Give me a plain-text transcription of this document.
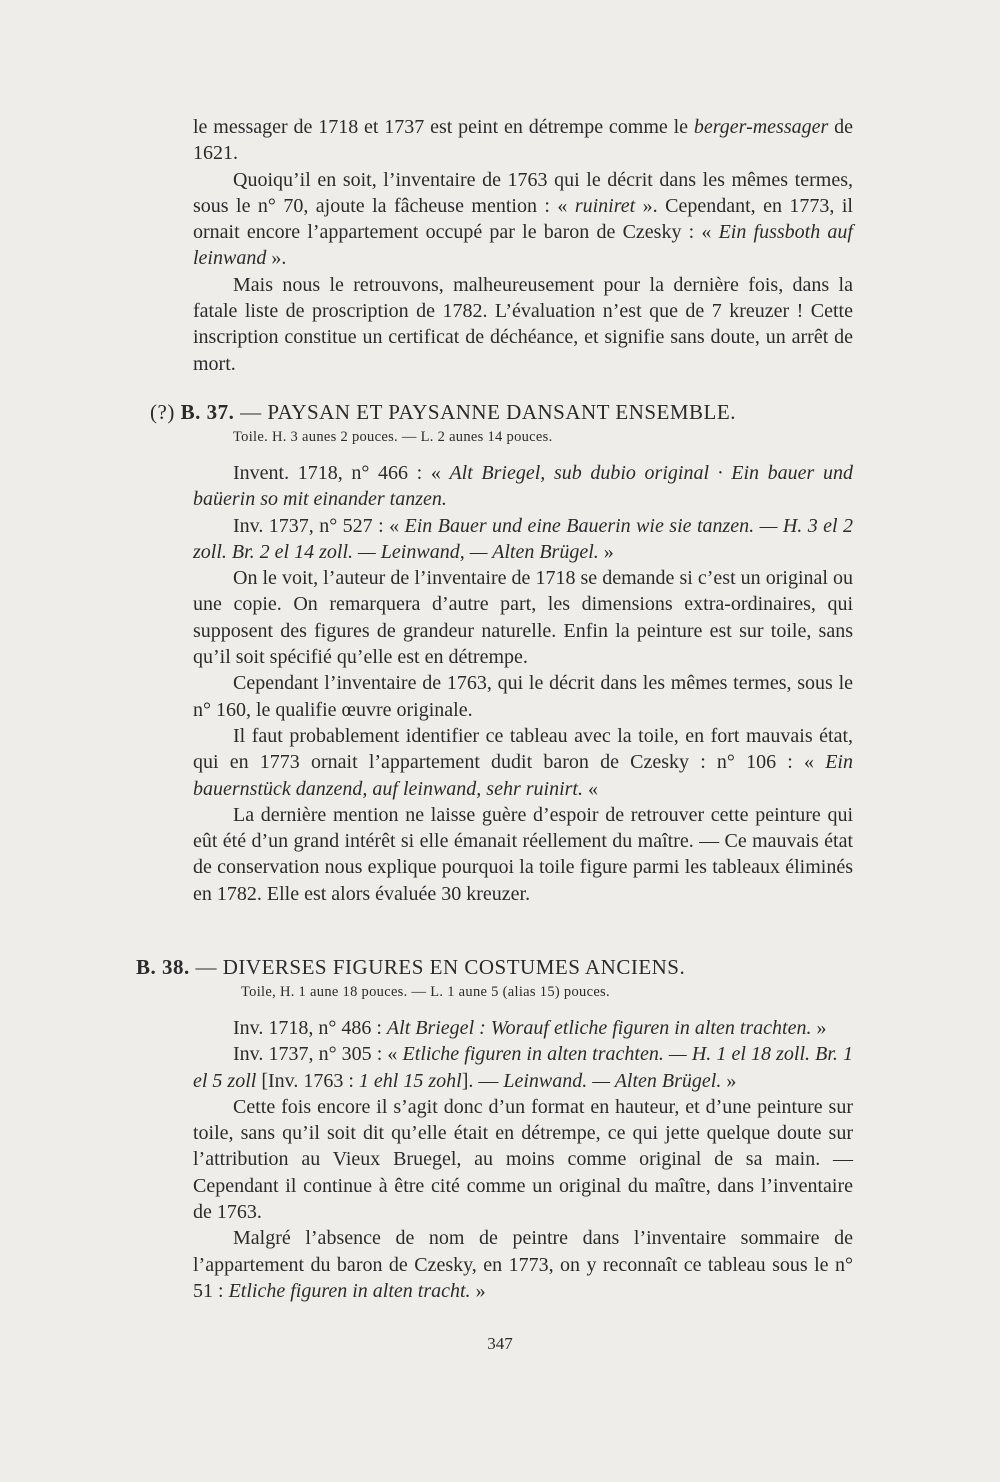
le messager de 1718 et 1737 est peint en détrempe comme le berger-messager de 1621.

Quoiqu’il en soit, l’inventaire de 1763 qui le décrit dans les mêmes termes, sous le n° 70, ajoute la fâcheuse mention : « ruiniret ». Cependant, en 1773, il ornait encore l’appartement occupé par le baron de Czesky : « Ein fussboth auf leinwand ».

Mais nous le retrouvons, malheureusement pour la dernière fois, dans la fatale liste de proscription de 1782. L’évaluation n’est que de 7 kreuzer ! Cette inscription constitue un certificat de déchéance, et signifie sans doute, un arrêt de mort.

(?) B. 37. — PAYSAN ET PAYSANNE DANSANT ENSEMBLE.
Toile. H. 3 aunes 2 pouces. — L. 2 aunes 14 pouces.

Invent. 1718, n° 466 : « Alt Briegel, sub dubio original · Ein bauer und baüerin so mit einander tanzen.

Inv. 1737, n° 527 : « Ein Bauer und eine Bauerin wie sie tanzen. — H. 3 el 2 zoll. Br. 2 el 14 zoll. — Leinwand, — Alten Brügel. »

On le voit, l’auteur de l’inventaire de 1718 se demande si c’est un original ou une copie. On remarquera d’autre part, les dimensions extra-ordinaires, qui supposent des figures de grandeur naturelle. Enfin la peinture est sur toile, sans qu’il soit spécifié qu’elle est en détrempe.

Cependant l’inventaire de 1763, qui le décrit dans les mêmes termes, sous le n° 160, le qualifie œuvre originale.

Il faut probablement identifier ce tableau avec la toile, en fort mauvais état, qui en 1773 ornait l’appartement dudit baron de Czesky : n° 106 : « Ein bauernstück danzend, auf leinwand, sehr ruinirt. «

La dernière mention ne laisse guère d’espoir de retrouver cette peinture qui eût été d’un grand intérêt si elle émanait réellement du maître. — Ce mauvais état de conservation nous explique pourquoi la toile figure parmi les tableaux éliminés en 1782. Elle est alors évaluée 30 kreuzer.

B. 38. — DIVERSES FIGURES EN COSTUMES ANCIENS.
Toile, H. 1 aune 18 pouces. — L. 1 aune 5 (alias 15) pouces.

Inv. 1718, n° 486 : Alt Briegel : Worauf etliche figuren in alten trachten. »

Inv. 1737, n° 305 : « Etliche figuren in alten trachten. — H. 1 el 18 zoll. Br. 1 el 5 zoll [Inv. 1763 : 1 ehl 15 zohl]. — Leinwand. — Alten Brügel. »

Cette fois encore il s’agit donc d’un format en hauteur, et d’une peinture sur toile, sans qu’il soit dit qu’elle était en détrempe, ce qui jette quelque doute sur l’attribution au Vieux Bruegel, au moins comme original de sa main. — Cependant il continue à être cité comme un original du maître, dans l’inventaire de 1763.

Malgré l’absence de nom de peintre dans l’inventaire sommaire de l’appartement du baron de Czesky, en 1773, on y reconnaît ce tableau sous le n° 51 : Etliche figuren in alten tracht. »

347
